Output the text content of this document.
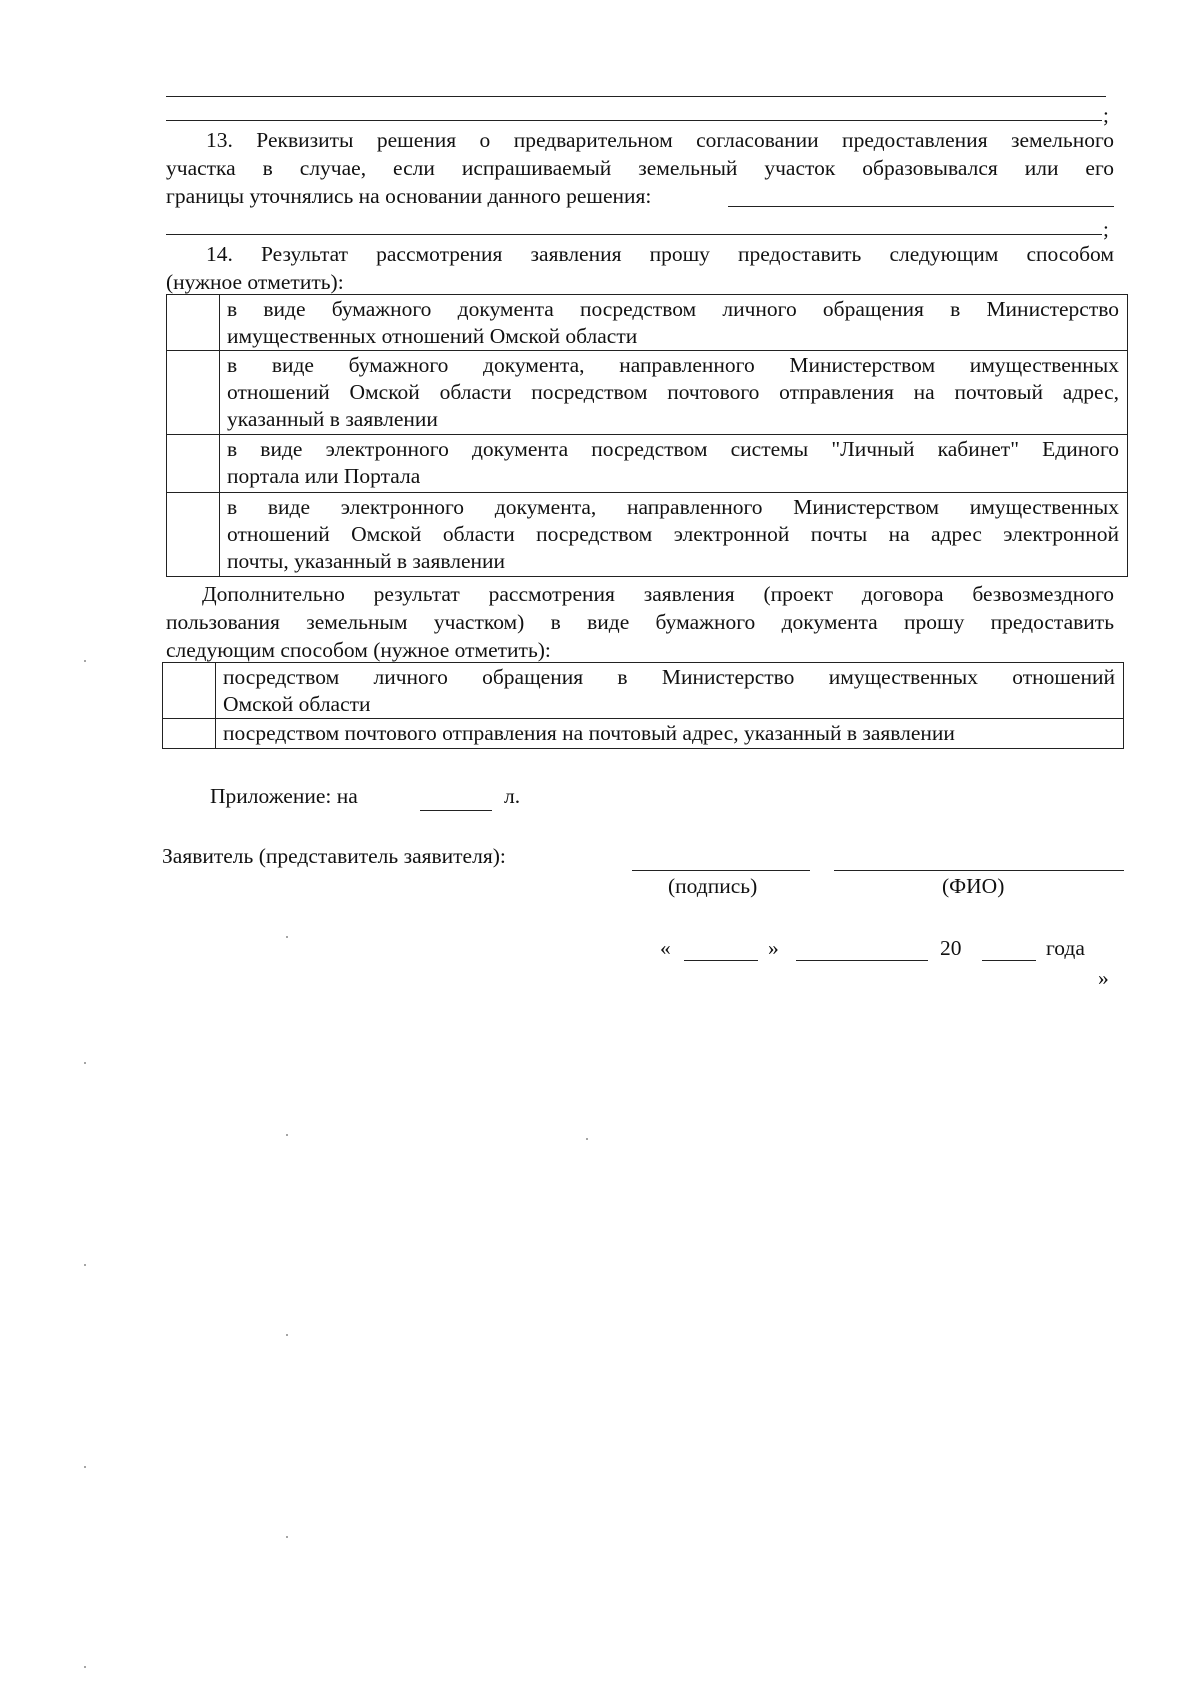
;
13. Реквизиты решения о предварительном согласовании предоставления земельного
участка в случае, если испрашиваемый земельный участок образовывался или его
границы уточнялись на основании данного решения:
;
14. Результат рассмотрения заявления прошу предоставить следующим способом
(нужное отметить):

	в виде бумажного документа посредством личного обращения в Министерство
имущественных отношений Омской области

	в виде бумажного документа, направленного Министерством имущественных
отношений Омской области посредством почтового отправления на почтовый адрес,
указанный в заявлении

	в виде электронного документа посредством системы "Личный кабинет" Единого
портала или Портала

	в виде электронного документа, направленного Министерством имущественных
отношений Омской области посредством электронной почты на адрес электронной
почты, указанный в заявлении
Дополнительно результат рассмотрения заявления (проект договора безвозмездного
пользования земельным участком) в виде бумажного документа прошу предоставить
следующим способом (нужное отметить):

	посредством личного обращения в Министерство имущественных отношений
Омской области
	посредством почтового отправления на почтовый адрес, указанный в заявлении
Приложение: на	л.
Заявитель (представитель заявителя):
(подпись)	(ФИО)
«	»	20	года
»
